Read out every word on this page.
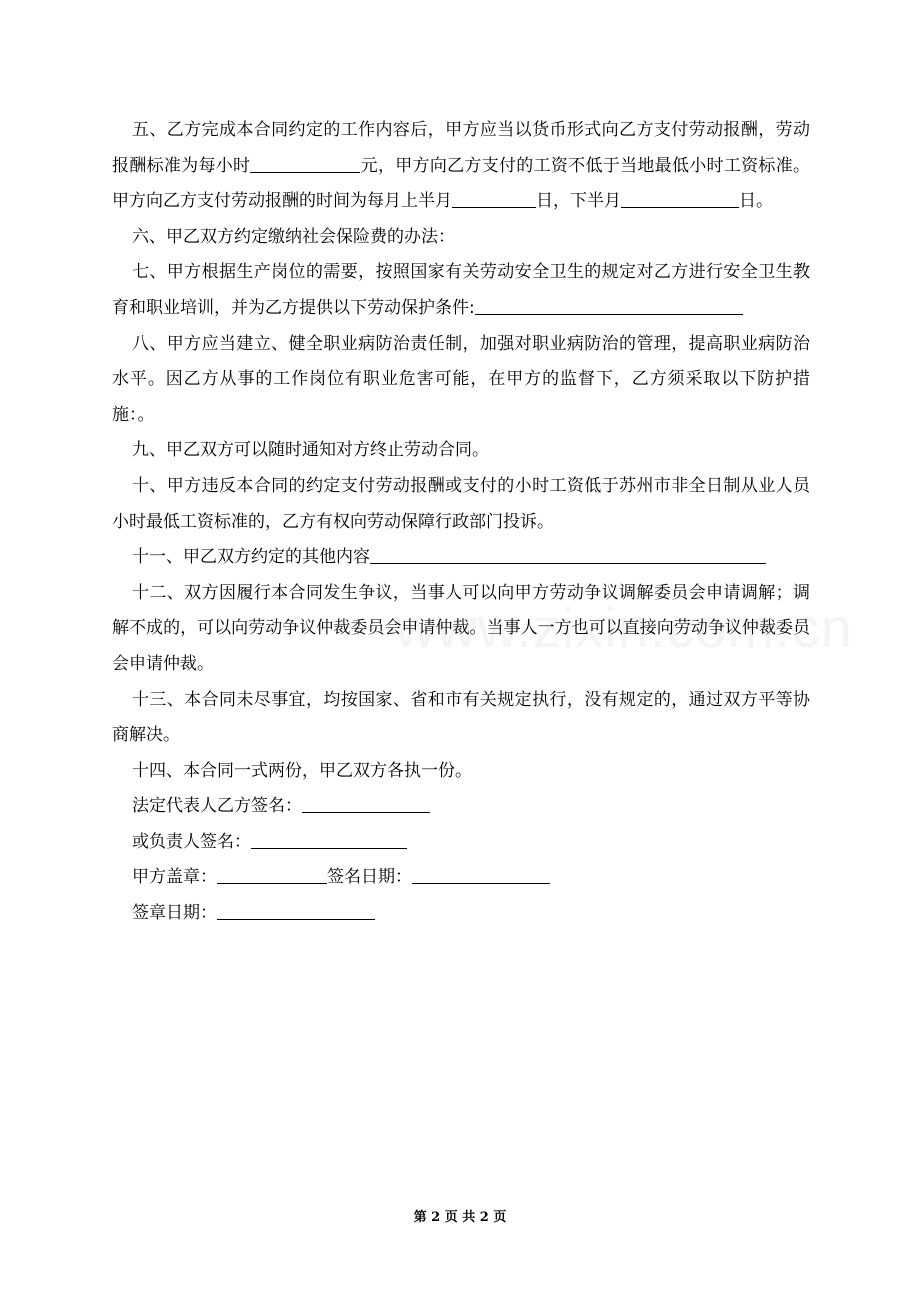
五、乙方完成本合同约定的工作内容后，甲方应当以货币形式向乙方支付劳动报酬，劳动报酬标准为每小时	元，甲方向乙方支付的工资不低于当地最低小时工资标准。甲方向乙方支付劳动报酬的时间为每月上半月	日，下半月	日。

六、甲乙双方约定缴纳社会保险费的办法：

七、甲方根据生产岗位的需要，按照国家有关劳动安全卫生的规定对乙方进行安全卫生教育和职业培训，并为乙方提供以下劳动保护条件:

八、甲方应当建立、健全职业病防治责任制，加强对职业病防治的管理，提高职业病防治水平。因乙方从事的工作岗位有职业危害可能，在甲方的监督下，乙方须采取以下防护措施：。

九、甲乙双方可以随时通知对方终止劳动合同。

十、甲方违反本合同的约定支付劳动报酬或支付的小时工资低于苏州市非全日制从业人员小时最低工资标准的，乙方有权向劳动保障行政部门投诉。

十一、甲乙双方约定的其他内容

十二、双方因履行本合同发生争议，当事人可以向甲方劳动争议调解委员会申请调解；调解不成的，可以向劳动争议仲裁委员会申请仲裁。当事人一方也可以直接向劳动争议仲裁委员会申请仲裁。

十三、本合同未尽事宜，均按国家、省和市有关规定执行，没有规定的，通过双方平等协商解决。

十四、本合同一式两份，甲乙双方各执一份。

法定代表人乙方签名：

或负责人签名：

甲方盖章：	签名日期：

签章日期：

第 2 页 共 2 页
